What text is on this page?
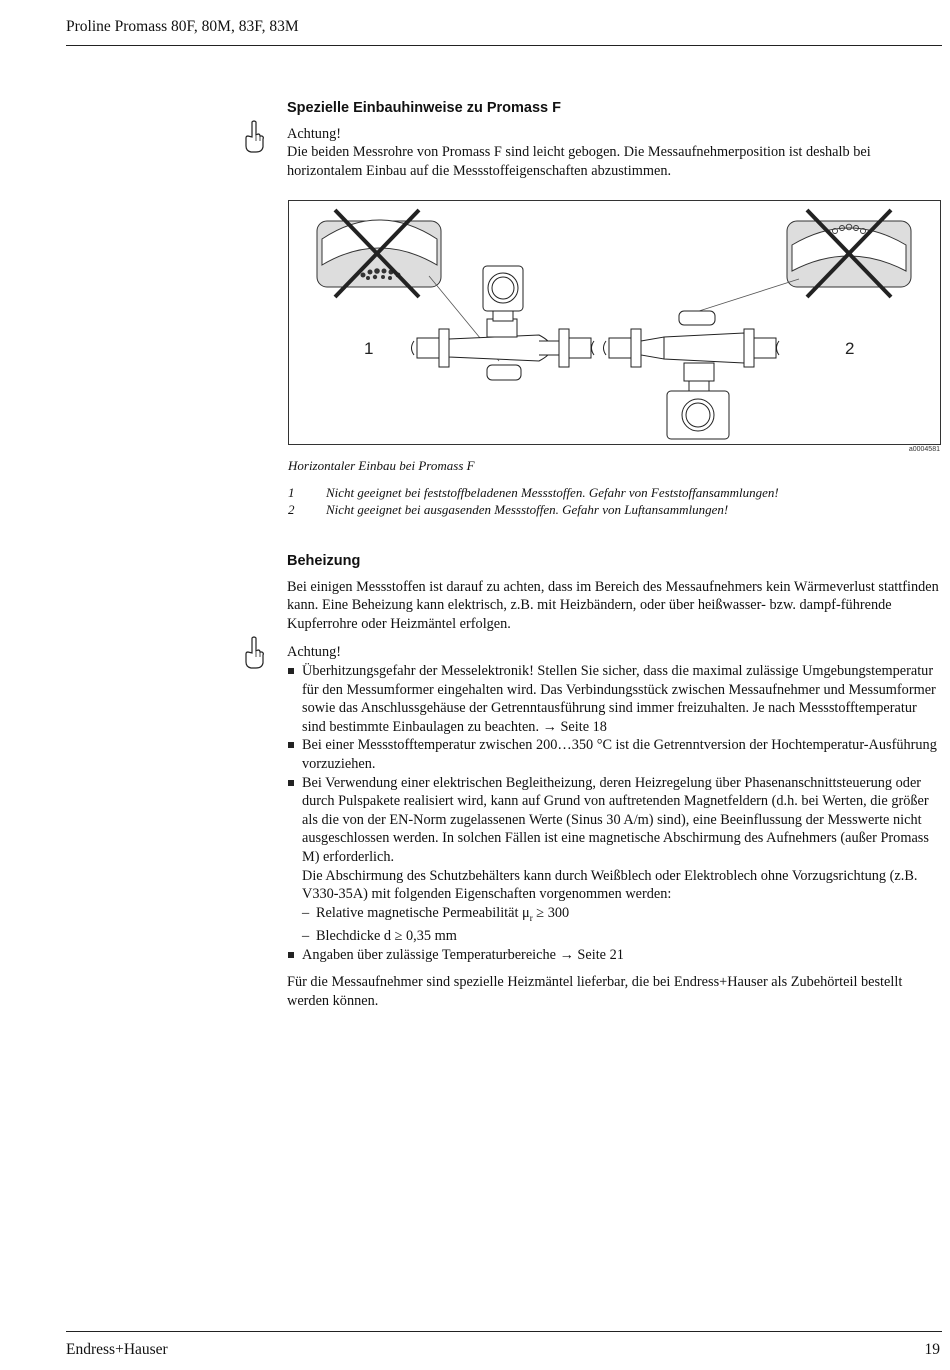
Proline Promass 80F, 80M, 83F, 83M
Spezielle Einbauhinweise zu Promass F

Achtung!

Die beiden Messrohre von Promass F sind leicht gebogen. Die Messaufnehmerposition ist deshalb bei horizontalem Einbau auf die Messstoffeigenschaften abzustimmen.

1	2
a0004581
Horizontaler Einbau bei Promass F
1 Nicht geeignet bei feststoffbeladenen Messstoffen. Gefahr von Feststoffansammlungen!
2 Nicht geeignet bei ausgasenden Messstoffen. Gefahr von Luftansammlungen!
Beheizung

Bei einigen Messstoffen ist darauf zu achten, dass im Bereich des Messaufnehmers kein Wärmeverlust stattfinden kann. Eine Beheizung kann elektrisch, z.B. mit Heizbändern, oder über heißwasser- bzw. dampf-führende Kupferrohre oder Heizmäntel erfolgen.

Achtung!

Überhitzungsgefahr der Messelektronik! Stellen Sie sicher, dass die maximal zulässige Umgebungstemperatur für den Messumformer eingehalten wird. Das Verbindungsstück zwischen Messaufnehmer und Messumformer sowie das Anschlussgehäuse der Getrenntausführung sind immer freizuhalten. Je nach Messstofftemperatur sind bestimmte Einbaulagen zu beachten. → Seite 18
Bei einer Messstofftemperatur zwischen 200…350 °C ist die Getrenntversion der Hochtemperatur-Ausführung vorzuziehen.
Bei Verwendung einer elektrischen Begleitheizung, deren Heizregelung über Phasenanschnittsteuerung oder durch Pulspakete realisiert wird, kann auf Grund von auftretenden Magnetfeldern (d.h. bei Werten, die größer als die von der EN-Norm zugelassenen Werte (Sinus 30 A/m) sind), eine Beeinflussung der Messwerte nicht ausgeschlossen werden. In solchen Fällen ist eine magnetische Abschirmung des Aufnehmers (außer Promass M) erforderlich.
Die Abschirmung des Schutzbehälters kann durch Weißblech oder Elektroblech ohne Vorzugsrichtung (z.B. V330-35A) mit folgenden Eigenschaften vorgenommen werden:
– Relative magnetische Permeabilität $\mu_r \ge 300$
– Blechdicke d ≥ 0,35 mm
Angaben über zulässige Temperaturbereiche → Seite 21

Für die Messaufnehmer sind spezielle Heizmäntel lieferbar, die bei Endress+Hauser als Zubehörteil bestellt werden können.

Endress+Hauser	19
